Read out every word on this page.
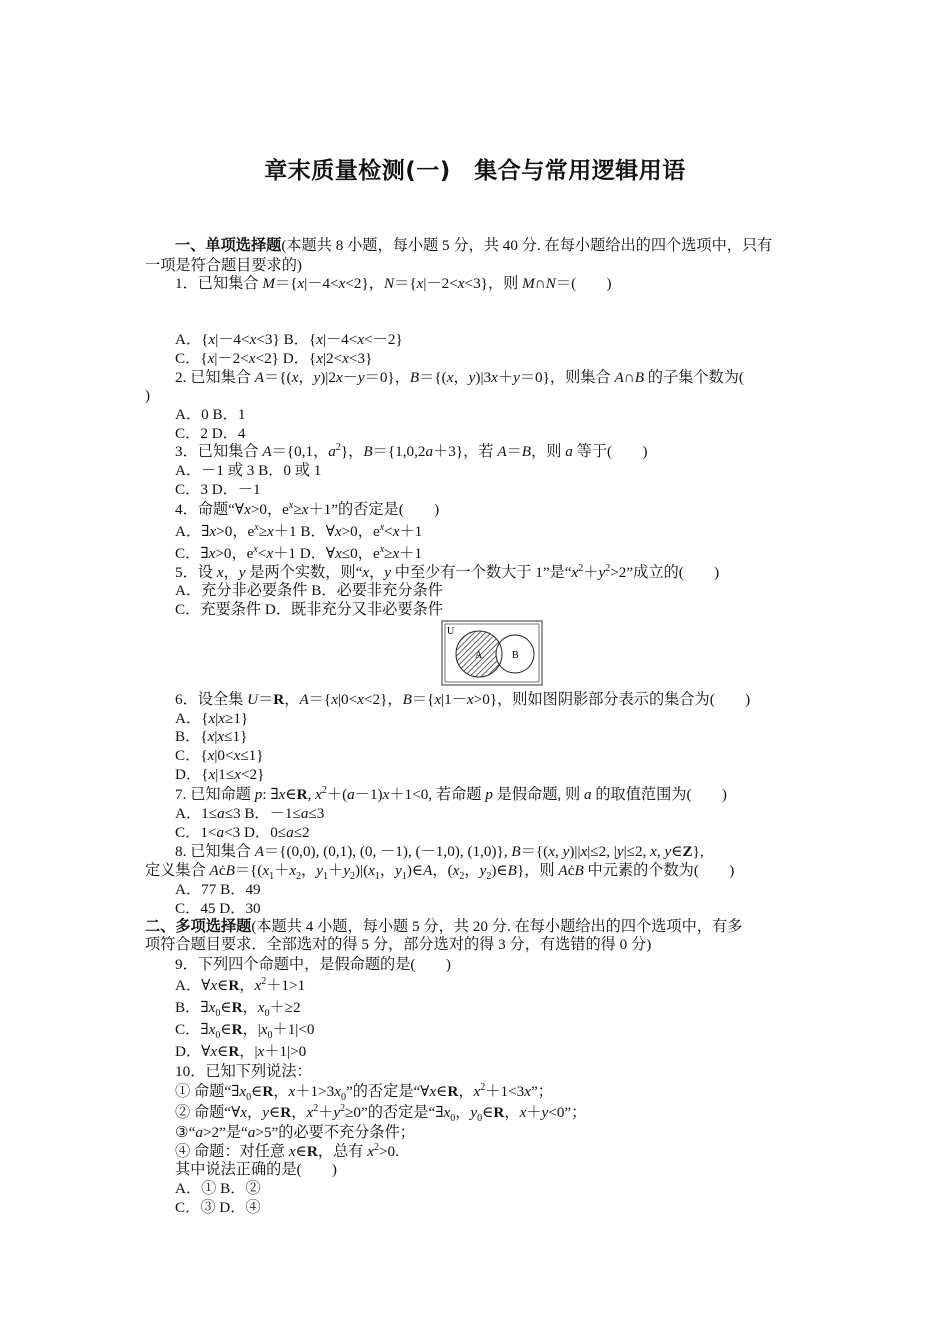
章末质量检测(一)　集合与常用逻辑用语
一、单项选择题(本题共 8 小题，每小题 5 分，共 40 分. 在每小题给出的四个选项中，只有
一项是符合题目要求的)
1．已知集合 M＝{x|－4<x<2}，N＝{x|－2<x<3}，则 M∩N＝(　　)
A．{x|－4<x<3} B．{x|－4<x<－2}
C．{x|－2<x<2} D．{x|2<x<3}
2. 已知集合 A＝{(x，y)|2x－y＝0}，B＝{(x，y)|3x＋y＝0}，则集合 A∩B 的子集个数为(
)
A．0 B．1
C．2 D．4
3．已知集合 A＝{0,1，$a^2$}，B＝{1,0,2a＋3}，若 A＝B，则 a 等于(　　)
A．－1 或 3 B．0 或 1
C．3 D．－1
4．命题“∀x>0，$e^x\ge x+1$”的否定是(　　)
A．∃x>0，$e^x\ge x+1$ B．∀x>0，$e^x<x+1$
C．∃x>0，$e^x<x+1$ D．∀x≤0，$e^x\ge x+1$
5．设 x，y 是两个实数，则“x，y 中至少有一个数大于 1”是“$x^2+y^2>2$”成立的(　　)
A．充分非必要条件 B．必要非充分条件
C．充要条件 D．既非充分又非必要条件
6．设全集 U＝R，A＝{x|0<x<2}，B＝{x|1－x>0}，则如图阴影部分表示的集合为(　　)
A．{x|x≥1}
B．{x|x≤1}
C．{x|0<x≤1}
D．{x|1≤x<2}
7. 已知命题 p: ∃x∈R, $x^2+(a-1)x+1<0$, 若命题 p 是假命题, 则 a 的取值范围为(　　)
A．1≤a≤3 B．－1≤a≤3
C．1<a<3 D．0≤a≤2
8. 已知集合 A＝{(0,0), (0,1), (0, －1), (－1,0), (1,0)}, B＝{(x, y)||x|≤2, |y|≤2, x, y∈Z},
定义集合 $AċB=\{(x_1+x_2$，$y_1+y_2)|(x_1$，$y_1)\in A$，($x_2$，$y_2)\in B$}，则 AċB 中元素的个数为(　　)
A．77 B．49
C．45 D．30
二、多项选择题(本题共 4 小题，每小题 5 分，共 20 分. 在每小题给出的四个选项中，有多
项符合题目要求．全部选对的得 5 分，部分选对的得 3 分，有选错的得 0 分)
9．下列四个命题中，是假命题的是(　　)
A．∀x∈R，$x^2+1>1$
B．$\exists x_0\in R$，$x_0+\ge 2$
C．$\exists x_0\in R$，$|x_0+1|<0$
D．∀x∈R，|x＋1|>0
10．已知下列说法：
① 命题“$\exists x_0\in R$，$x+1>3x_0$”的否定是“∀x∈R，$x^2+1<3x$”；
② 命题“∀x，y∈R，$x^2+y^2\ge 0$”的否定是“$\exists x_0$，$y_0\in R$，x＋y<0”；
③“a>2”是“a>5”的必要不充分条件；
④ 命题：对任意 x∈R，总有 $x^2>0$.
其中说法正确的是(　　)
A．① B．②
C．③ D．④
U
A	B
